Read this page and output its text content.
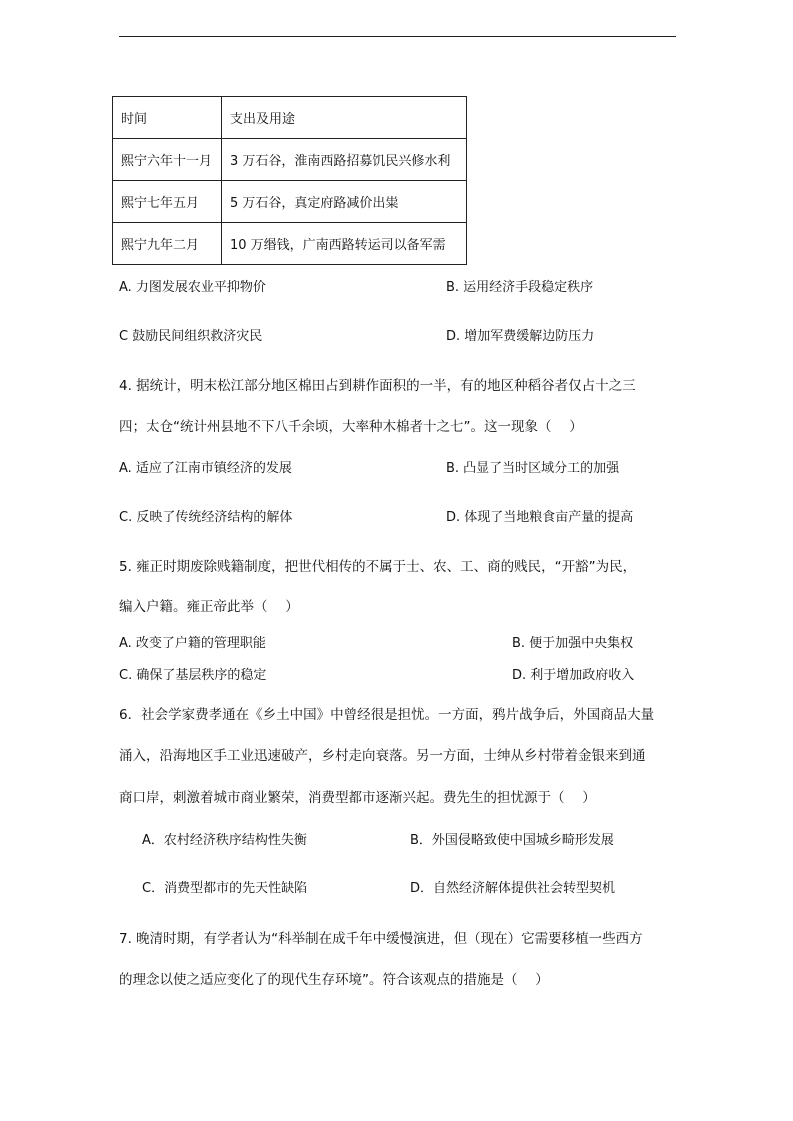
时间	支出及用途
熙宁六年十一月	3 万石谷，淮南西路招募饥民兴修水利
熙宁七年五月	5 万石谷，真定府路减价出粜
熙宁九年二月	10 万缗钱，广南西路转运司以备军需
A. 力图发展农业平抑物价	B. 运用经济手段稳定秩序
C 鼓励民间组织救济灾民	D. 增加军费缓解边防压力
4. 据统计，明末松江部分地区棉田占到耕作面积的一半，有的地区种稻谷者仅占十之三
四；太仓“统计州县地不下八千余顷，大率种木棉者十之七”。这一现象（　 ）
A. 适应了江南市镇经济的发展	B. 凸显了当时区域分工的加强
C. 反映了传统经济结构的解体	D. 体现了当地粮食亩产量的提高
5. 雍正时期废除贱籍制度，把世代相传的不属于士、农、工、商的贱民，“开豁”为民，
编入户籍。雍正帝此举（　 ）
A. 改变了户籍的管理职能	B. 便于加强中央集权
C. 确保了基层秩序的稳定	D. 利于增加政府收入
6．社会学家费孝通在《乡土中国》中曾经很是担忧。一方面，鸦片战争后，外国商品大量
涌入，沿海地区手工业迅速破产，乡村走向衰落。另一方面，士绅从乡村带着金银来到通
商口岸，刺激着城市商业繁荣，消费型都市逐渐兴起。费先生的担忧源于（　 ）
A．农村经济秩序结构性失衡	B．外国侵略致使中国城乡畸形发展
C．消费型都市的先天性缺陷	D．自然经济解体提供社会转型契机
7. 晚清时期，有学者认为“科举制在成千年中缓慢演进，但（现在）它需要移植一些西方
的理念以使之适应变化了的现代生存环境”。符合该观点的措施是（　 ）
